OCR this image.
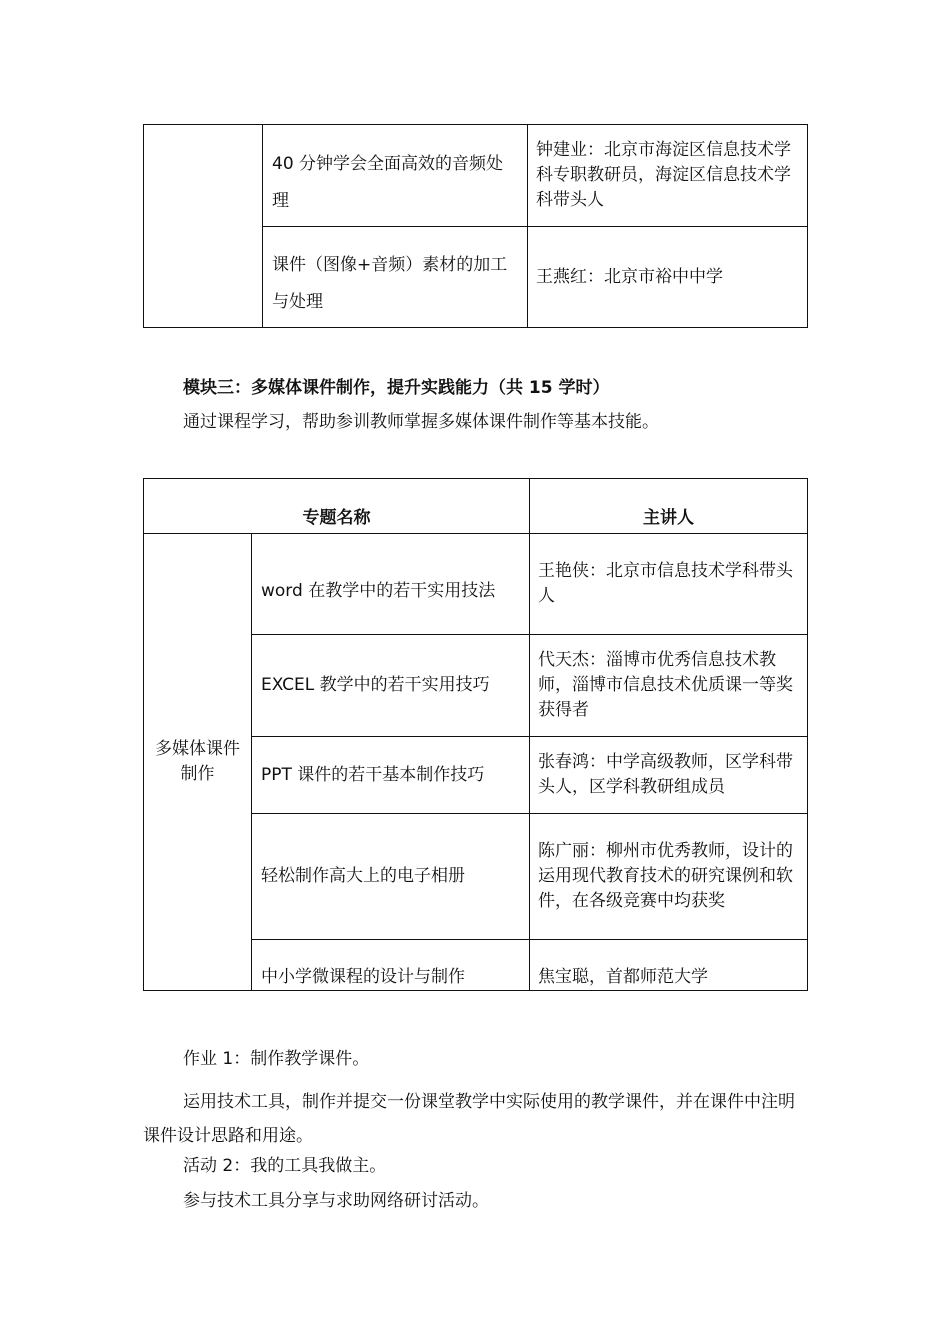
	40 分钟学会全面高效的音频处理	钟建业：北京市海淀区信息技术学科专职教研员，海淀区信息技术学科带头人

	课件（图像+音频）素材的加工与处理	王燕红：北京市裕中中学
模块三：多媒体课件制作，提升实践能力（共 15 学时）
通过课程学习，帮助参训教师掌握多媒体课件制作等基本技能。
专题名称		主讲人
多媒体课件制作	word 在教学中的若干实用技法	王艳侠：北京市信息技术学科带头人
	EXCEL 教学中的若干实用技巧	代天杰：淄博市优秀信息技术教师，淄博市信息技术优质课一等奖获得者
	PPT 课件的若干基本制作技巧	张春鸿：中学高级教师，区学科带头人，区学科教研组成员
	轻松制作高大上的电子相册	陈广丽：柳州市优秀教师，设计的运用现代教育技术的研究课例和软件，在各级竞赛中均获奖
	中小学微课程的设计与制作	焦宝聪，首都师范大学
作业 1：制作教学课件。
运用技术工具，制作并提交一份课堂教学中实际使用的教学课件，并在课件中注明课件设计思路和用途。
活动 2：我的工具我做主。
参与技术工具分享与求助网络研讨活动。
